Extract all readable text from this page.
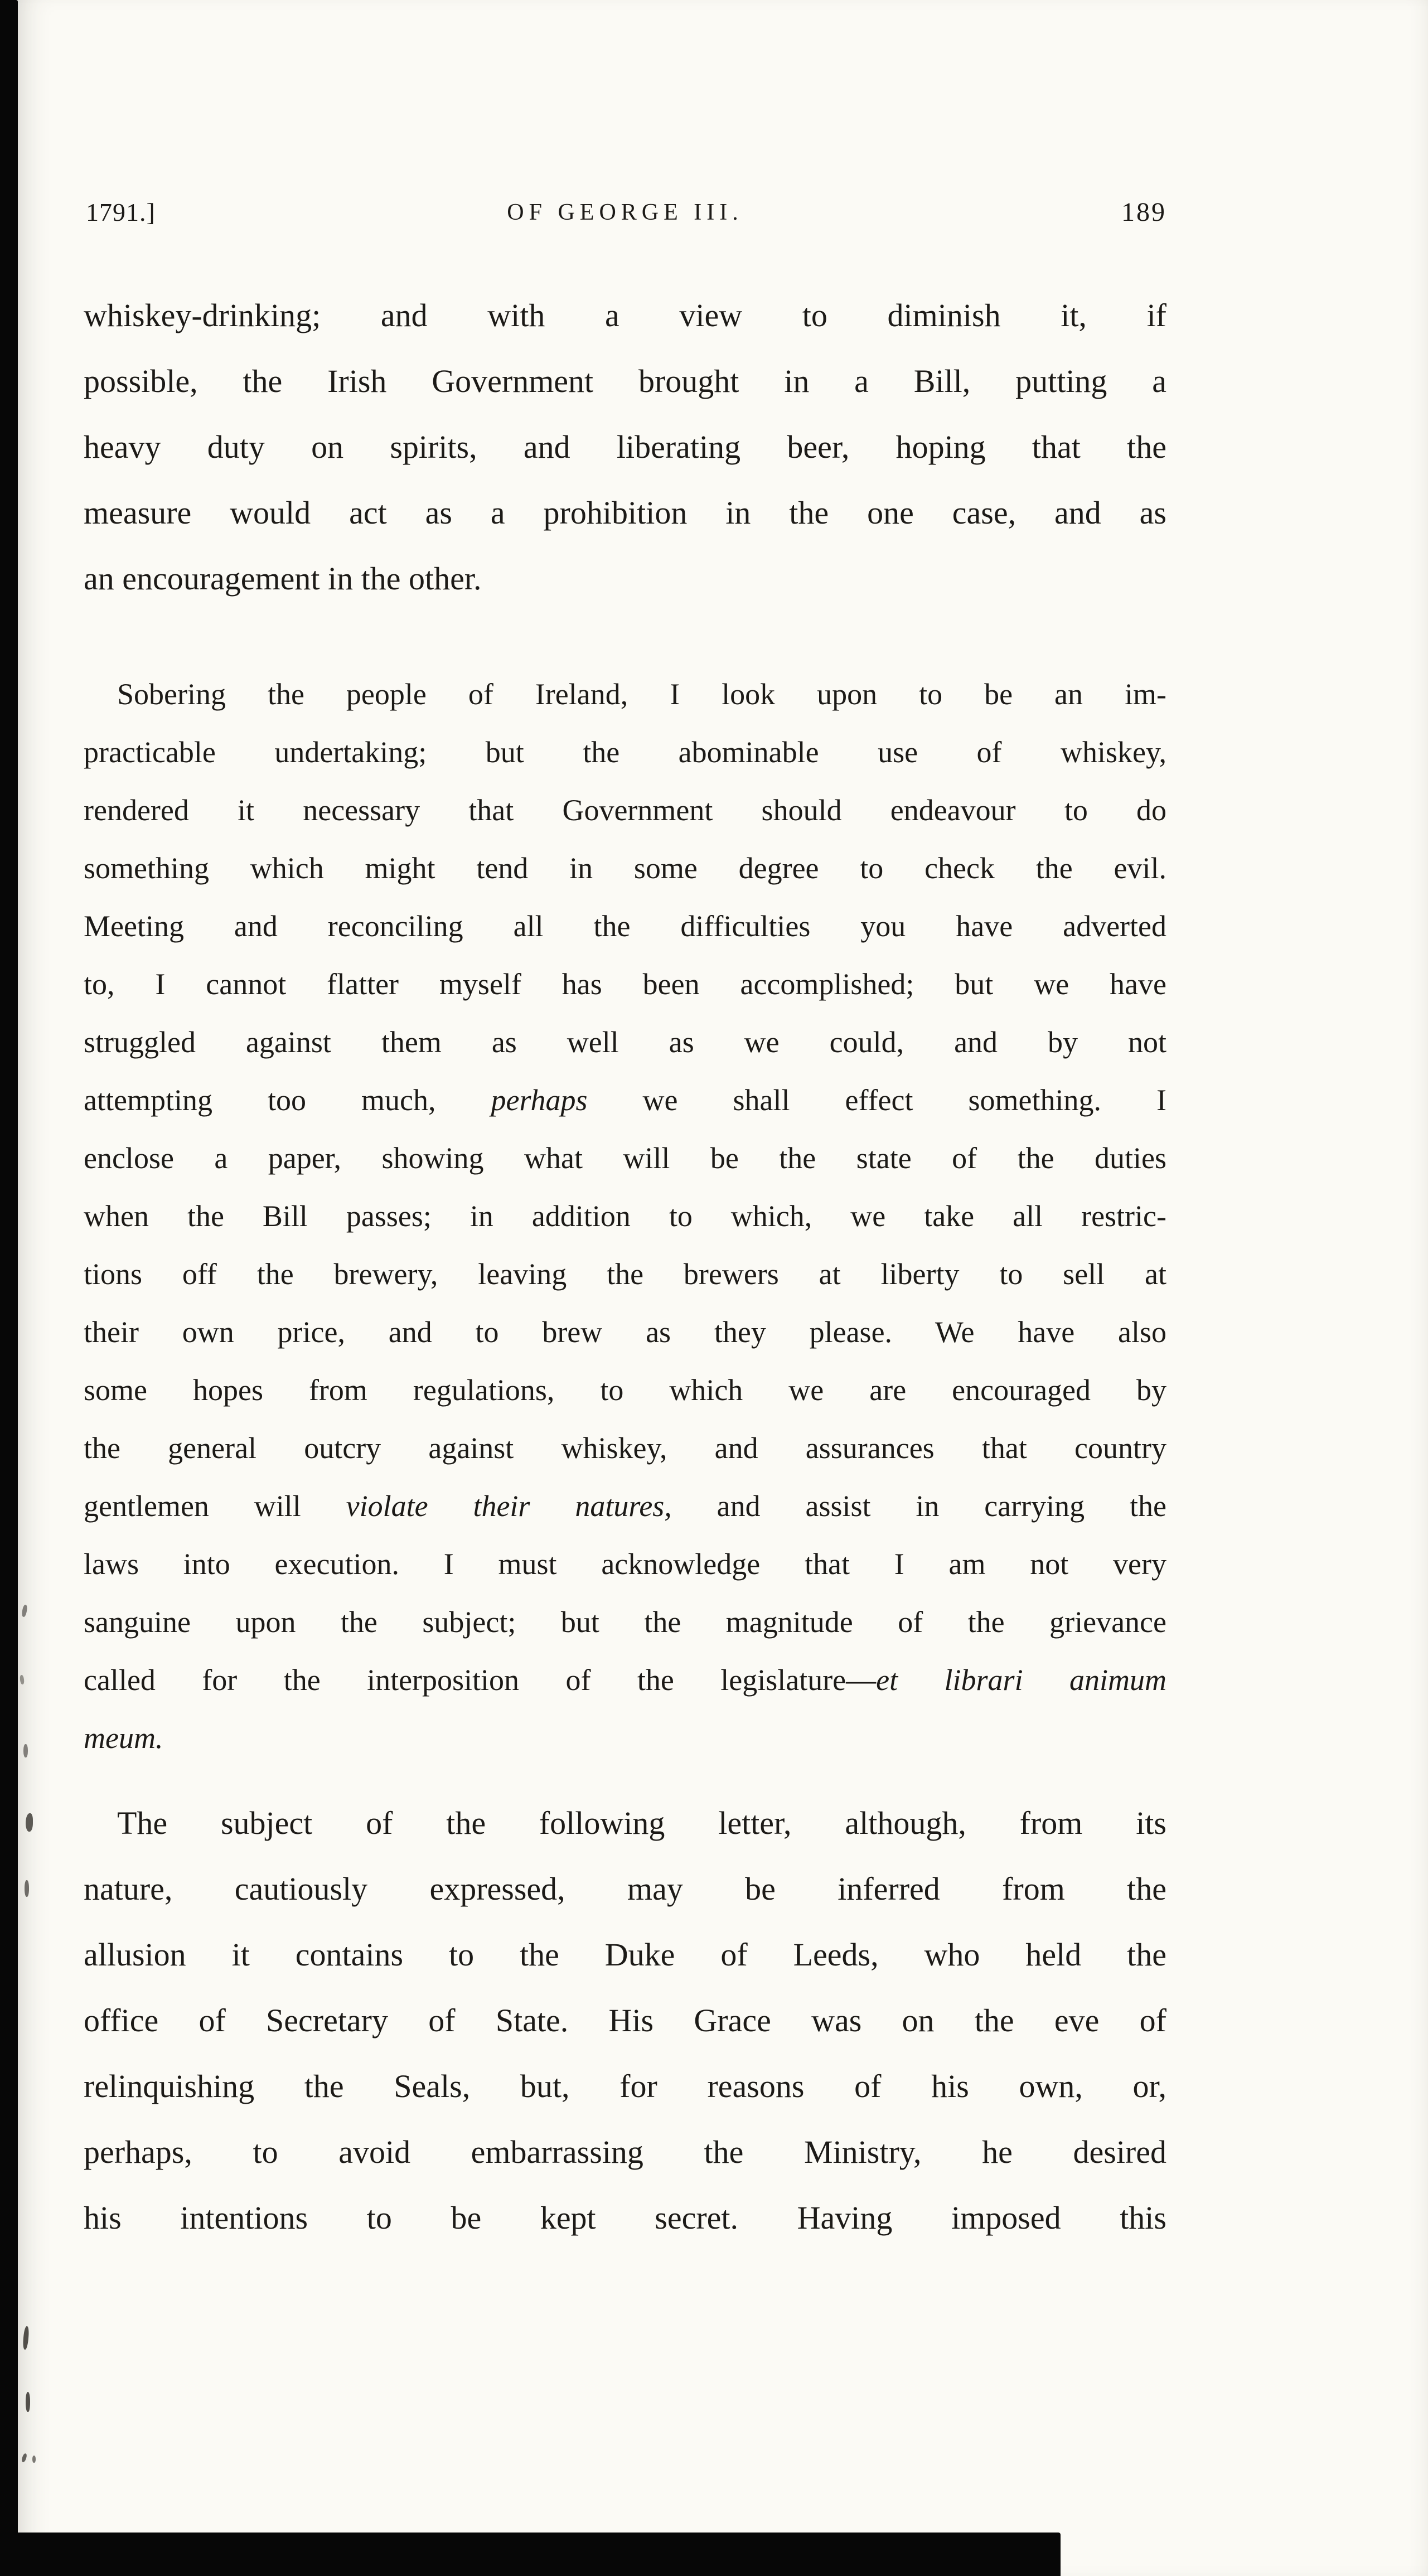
1791.]	OF GEORGE III.	189
whiskey-drinking; and with a view to diminish it, if
possible, the Irish Government brought in a Bill, putting a
heavy duty on spirits, and liberating beer, hoping that the
measure would act as a prohibition in the one case, and as
an encouragement in the other.
Sobering the people of Ireland, I look upon to be an im-
practicable undertaking; but the abominable use of whiskey,
rendered it necessary that Government should endeavour to do
something which might tend in some degree to check the evil.
Meeting and reconciling all the difficulties you have adverted
to, I cannot flatter myself has been accomplished; but we have
struggled against them as well as we could, and by not
attempting too much, perhaps we shall effect something. I
enclose a paper, showing what will be the state of the duties
when the Bill passes; in addition to which, we take all restric-
tions off the brewery, leaving the brewers at liberty to sell at
their own price, and to brew as they please. We have also
some hopes from regulations, to which we are encouraged by
the general outcry against whiskey, and assurances that country
gentlemen will violate their natures, and assist in carrying the
laws into execution. I must acknowledge that I am not very
sanguine upon the subject; but the magnitude of the grievance
called for the interposition of the legislature—et librari animum
meum.
The subject of the following letter, although, from its
nature, cautiously expressed, may be inferred from the
allusion it contains to the Duke of Leeds, who held the
office of Secretary of State. His Grace was on the eve of
relinquishing the Seals, but, for reasons of his own, or,
perhaps, to avoid embarrassing the Ministry, he desired
his intentions to be kept secret. Having imposed this
